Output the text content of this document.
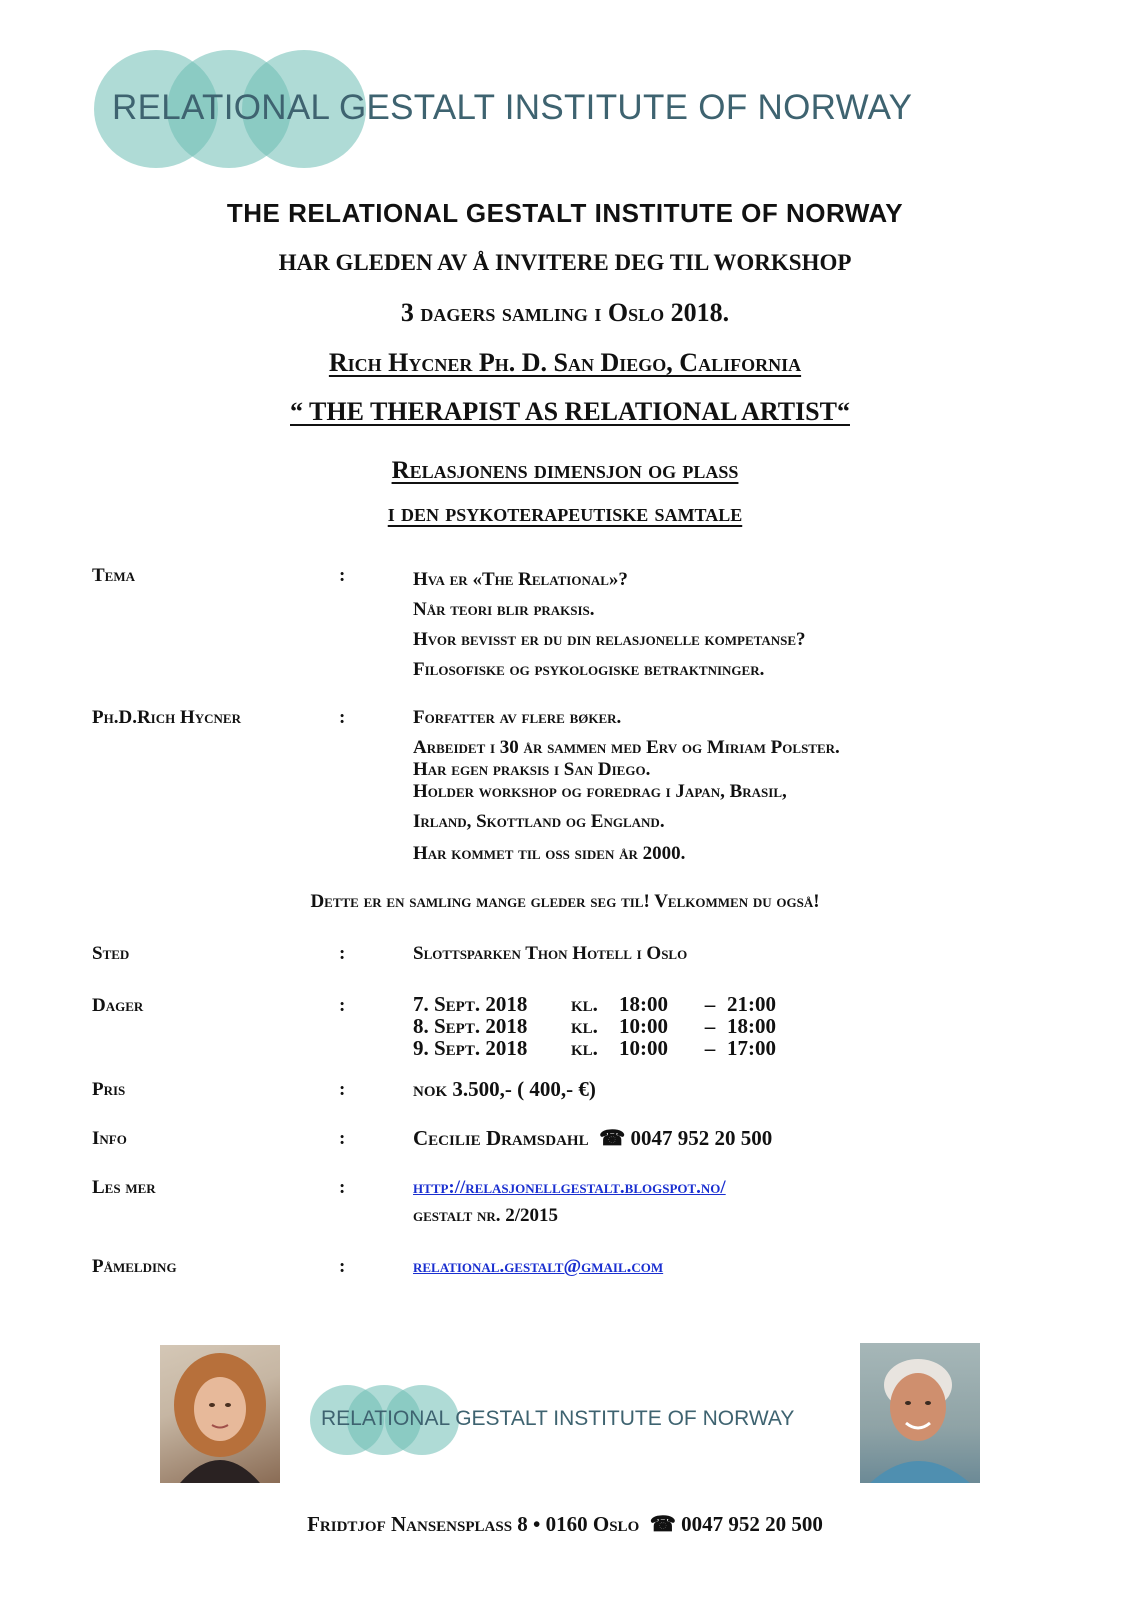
RELATIONAL GESTALT INSTITUTE OF NORWAY
THE RELATIONAL GESTALT INSTITUTE OF NORWAY
HAR GLEDEN AV Å INVITERE DEG TIL WORKSHOP
3 dagers samling i Oslo 2018.
Rich Hycner Ph. D. San Diego, California
“ THE THERAPIST AS RELATIONAL ARTIST“
Relasjonens dimensjon og plass
i den psykoterapeutiske samtale
Tema	:	Hva er «The Relational»?
Når teori blir praksis.
Hvor bevisst er du din relasjonelle kompetanse?
Filosofiske og psykologiske betraktninger.
Ph.D.Rich Hycner	:	Forfatter av flere bøker.
Arbeidet i 30 år sammen med Erv og Miriam Polster.
Har egen praksis i San Diego.
Holder workshop og foredrag i Japan, Brasil,
Irland, Skottland og England.
Har kommet til oss siden år 2000.
Dette er en samling mange gleder seg til! Velkommen du også!
Sted	:	Slottsparken Thon Hotell i Oslo
Dager	:	7. Sept. 2018	kl.	18:00	– 21:00
8. Sept. 2018	kl.	10:00	– 18:00
9. Sept. 2018	kl.	10:00	– 17:00
Pris	:	nok 3.500,- ( 400,- €)
Info	:	Cecilie Dramsdahl ☎ 0047 952 20 500
Les mer	:	http://relasjonellgestalt.blogspot.no/
gestalt nr. 2/2015
Påmelding	:	relational.gestalt@gmail.com
RELATIONAL GESTALT INSTITUTE OF NORWAY
Fridtjof Nansensplass 8 • 0160 Oslo ☎ 0047 952 20 500
